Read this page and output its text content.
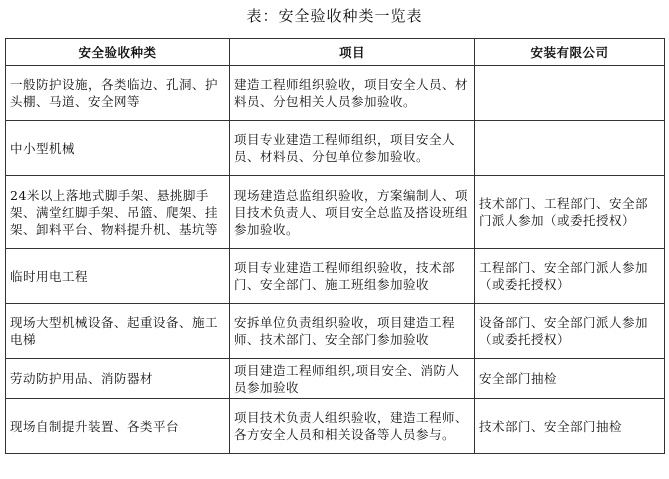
表：安全验收种类一览表
安全验收种类	项目	安装有限公司
一般防护设施，各类临边、孔洞、护头棚、马道、安全网等	建造工程师组织验收，项目安全人员、材料员、分包相关人员参加验收。	
中小型机械	项目专业建造工程师组织，项目安全人员、材料员、分包单位参加验收。	
24米以上落地式脚手架、悬挑脚手架、满堂红脚手架、吊篮、爬架、挂架、卸料平台、物料提升机、基坑等	现场建造总监组织验收，方案编制人、项目技术负责人、项目安全总监及搭设班组参加验收。	技术部门、工程部门、安全部门派人参加（或委托授权）
临时用电工程	项目专业建造工程师组织验收，技术部门、安全部门、施工班组参加验收	工程部门、安全部门派人参加（或委托授权）
现场大型机械设备、起重设备、施工电梯	安拆单位负责组织验收，项目建造工程师、技术部门、安全部门参加验收	设备部门、安全部门派人参加（或委托授权）
劳动防护用品、消防器材	项目建造工程师组织,项目安全、消防人员参加验收	安全部门抽检
现场自制提升装置、各类平台	项目技术负责人组织验收，建造工程师、各方安全人员和相关设备等人员参与。	技术部门、安全部门抽检
